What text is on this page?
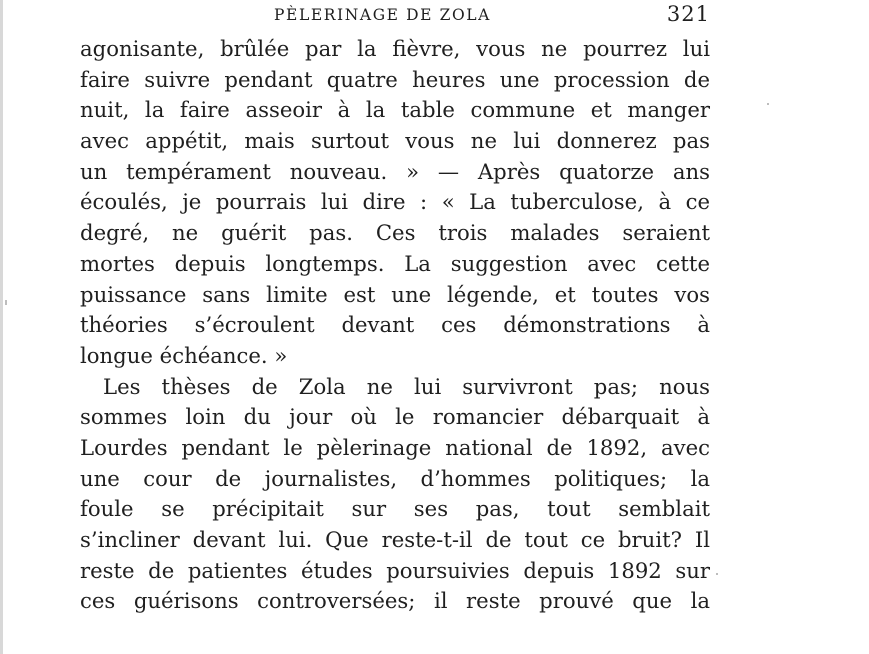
PÈLERINAGE DE ZOLA	321
agonisante, brûlée par la fièvre, vous ne pourrez lui
faire suivre pendant quatre heures une procession de
nuit, la faire asseoir à la table commune et manger
avec appétit, mais surtout vous ne lui donnerez pas
un tempérament nouveau. » — Après quatorze ans
écoulés, je pourrais lui dire : « La tuberculose, à ce
degré, ne guérit pas. Ces trois malades seraient
mortes depuis longtemps. La suggestion avec cette
puissance sans limite est une légende, et toutes vos
théories s’écroulent devant ces démonstrations à
longue échéance. »
Les thèses de Zola ne lui survivront pas; nous
sommes loin du jour où le romancier débarquait à
Lourdes pendant le pèlerinage national de 1892, avec
une cour de journalistes, d’hommes politiques; la
foule se précipitait sur ses pas, tout semblait
s’incliner devant lui. Que reste-t-il de tout ce bruit? Il
reste de patientes études poursuivies depuis 1892 sur
ces guérisons controversées; il reste prouvé que la
